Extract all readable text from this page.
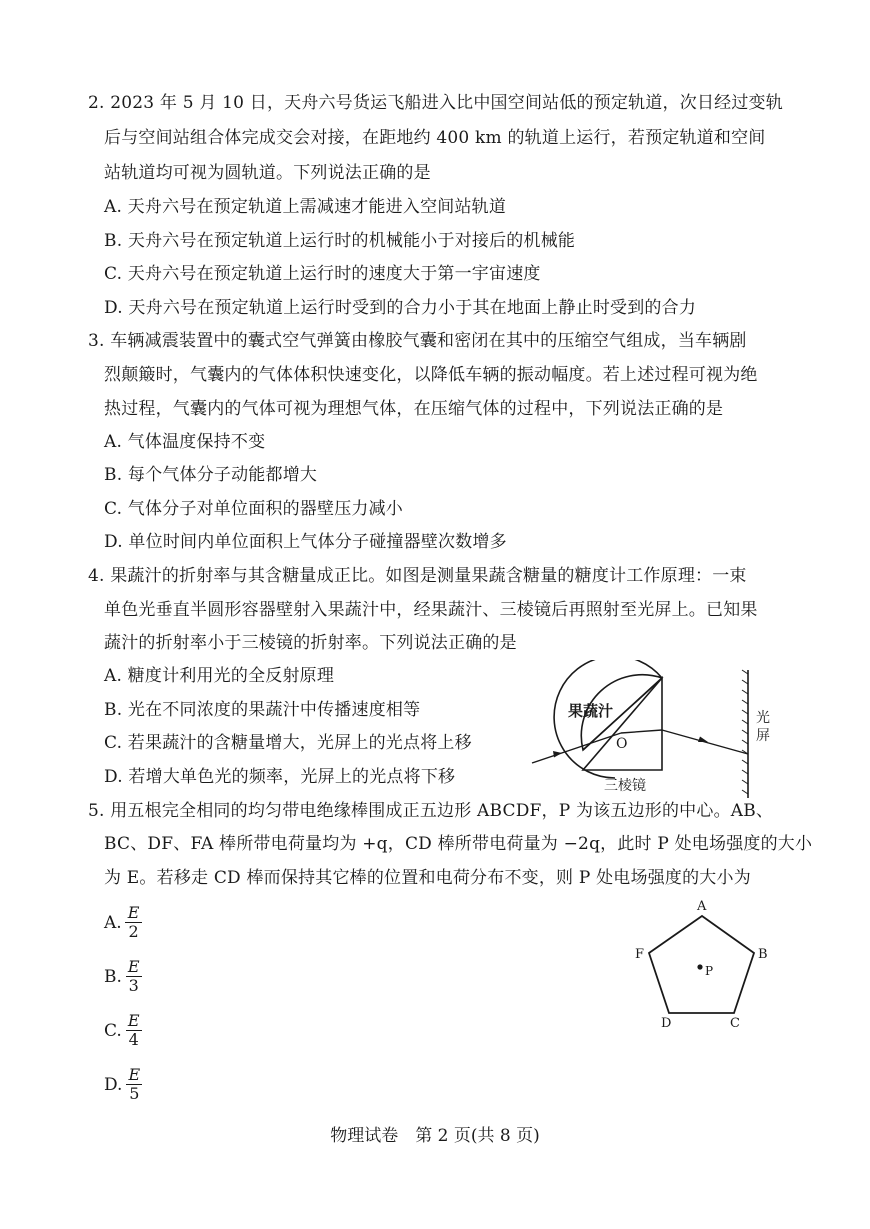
2. 2023 年 5 月 10 日，天舟六号货运飞船进入比中国空间站低的预定轨道，次日经过变轨
后与空间站组合体完成交会对接，在距地约 400 km 的轨道上运行，若预定轨道和空间
站轨道均可视为圆轨道。下列说法正确的是
A. 天舟六号在预定轨道上需减速才能进入空间站轨道
B. 天舟六号在预定轨道上运行时的机械能小于对接后的机械能
C. 天舟六号在预定轨道上运行时的速度大于第一宇宙速度
D. 天舟六号在预定轨道上运行时受到的合力小于其在地面上静止时受到的合力
3. 车辆减震装置中的囊式空气弹簧由橡胶气囊和密闭在其中的压缩空气组成，当车辆剧
烈颠簸时，气囊内的气体体积快速变化，以降低车辆的振动幅度。若上述过程可视为绝
热过程，气囊内的气体可视为理想气体，在压缩气体的过程中，下列说法正确的是
A. 气体温度保持不变
B. 每个气体分子动能都增大
C. 气体分子对单位面积的器壁压力减小
D. 单位时间内单位面积上气体分子碰撞器壁次数增多
4. 果蔬汁的折射率与其含糖量成正比。如图是测量果蔬含糖量的糖度计工作原理：一束
单色光垂直半圆形容器壁射入果蔬汁中，经果蔬汁、三棱镜后再照射至光屏上。已知果
蔬汁的折射率小于三棱镜的折射率。下列说法正确的是
A. 糖度计利用光的全反射原理
B. 光在不同浓度的果蔬汁中传播速度相等
C. 若果蔬汁的含糖量增大，光屏上的光点将上移
D. 若增大单色光的频率，光屏上的光点将下移
果蔬汁
O
三棱镜
光
屏
5. 用五根完全相同的均匀带电绝缘棒围成正五边形 ABCDF，P 为该五边形的中心。AB、
BC、DF、FA 棒所带电荷量均为 +q，CD 棒所带电荷量为 −2q，此时 P 处电场强度的大小
为 E。若移走 CD 棒而保持其它棒的位置和电荷分布不变，则 P 处电场强度的大小为
A. $\frac{E}{2}$
B. $\frac{E}{3}$
C. $\frac{E}{4}$
D. $\frac{E}{5}$
A
B
C
D
F
P
物理试卷　第 2 页(共 8 页)
